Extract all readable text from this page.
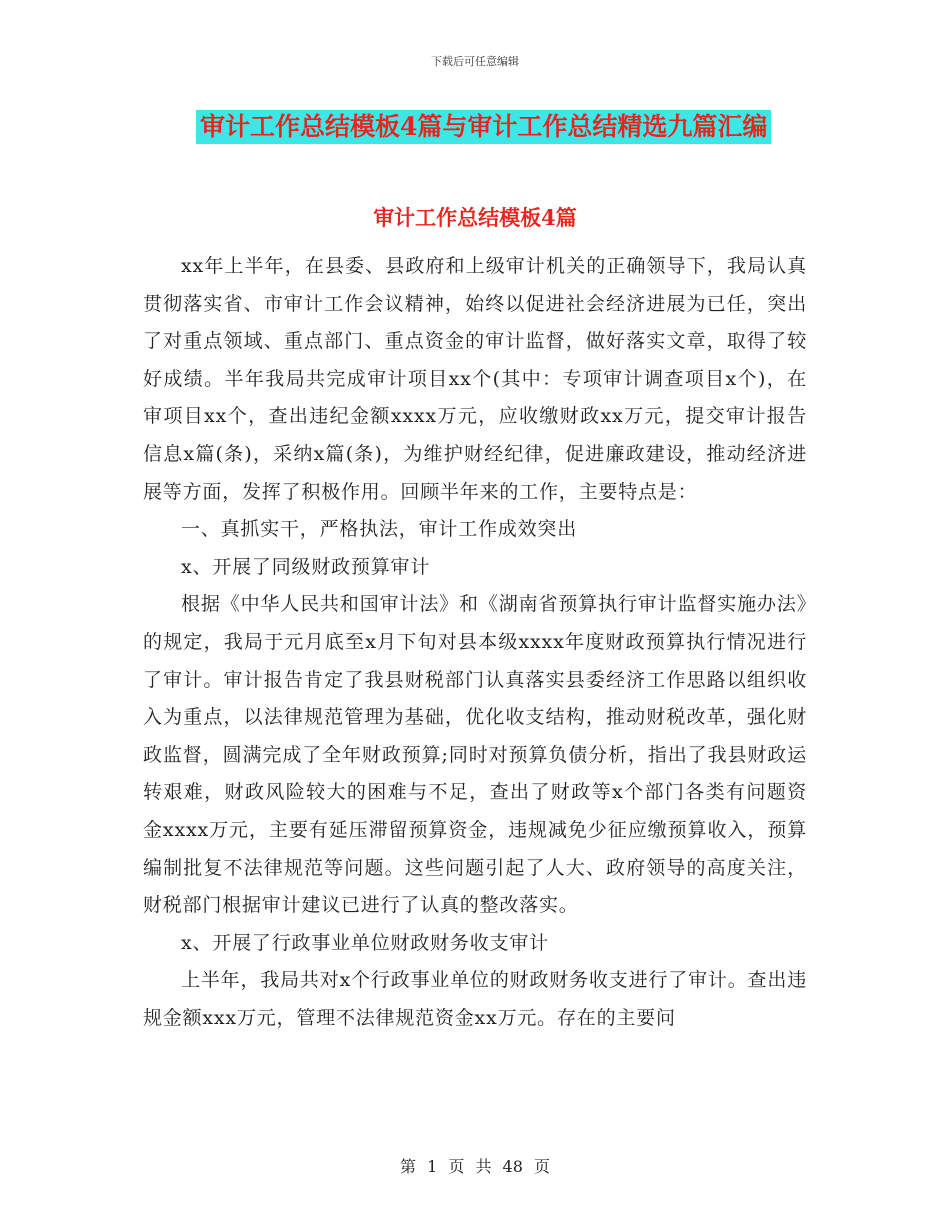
下载后可任意编辑
审计工作总结模板4篇与审计工作总结精选九篇汇编
审计工作总结模板4篇

xx年上半年，在县委、县政府和上级审计机关的正确领导下，我局认真贯彻落实省、市审计工作会议精神，始终以促进社会经济进展为已任，突出了对重点领域、重点部门、重点资金的审计监督，做好落实文章，取得了较好成绩。半年我局共完成审计项目xx个(其中：专项审计调查项目x个)，在审项目xx个，查出违纪金额xxxx万元，应收缴财政xx万元，提交审计报告信息x篇(条)，采纳x篇(条)，为维护财经纪律，促进廉政建设，推动经济进展等方面，发挥了积极作用。回顾半年来的工作，主要特点是：

一、真抓实干，严格执法，审计工作成效突出

x、开展了同级财政预算审计

根据《中华人民共和国审计法》和《湖南省预算执行审计监督实施办法》的规定，我局于元月底至x月下旬对县本级xxxx年度财政预算执行情况进行了审计。审计报告肯定了我县财税部门认真落实县委经济工作思路以组织收入为重点，以法律规范管理为基础，优化收支结构，推动财税改革，强化财政监督，圆满完成了全年财政预算;同时对预算负债分析，指出了我县财政运转艰难，财政风险较大的困难与不足，查出了财政等x个部门各类有问题资金xxxx万元，主要有延压滞留预算资金，违规减免少征应缴预算收入，预算编制批复不法律规范等问题。这些问题引起了人大、政府领导的高度关注，财税部门根据审计建议已进行了认真的整改落实。

x、开展了行政事业单位财政财务收支审计

上半年，我局共对x个行政事业单位的财政财务收支进行了审计。查出违规金额xxx万元，管理不法律规范资金xx万元。存在的主要问

第 1 页 共 48 页
